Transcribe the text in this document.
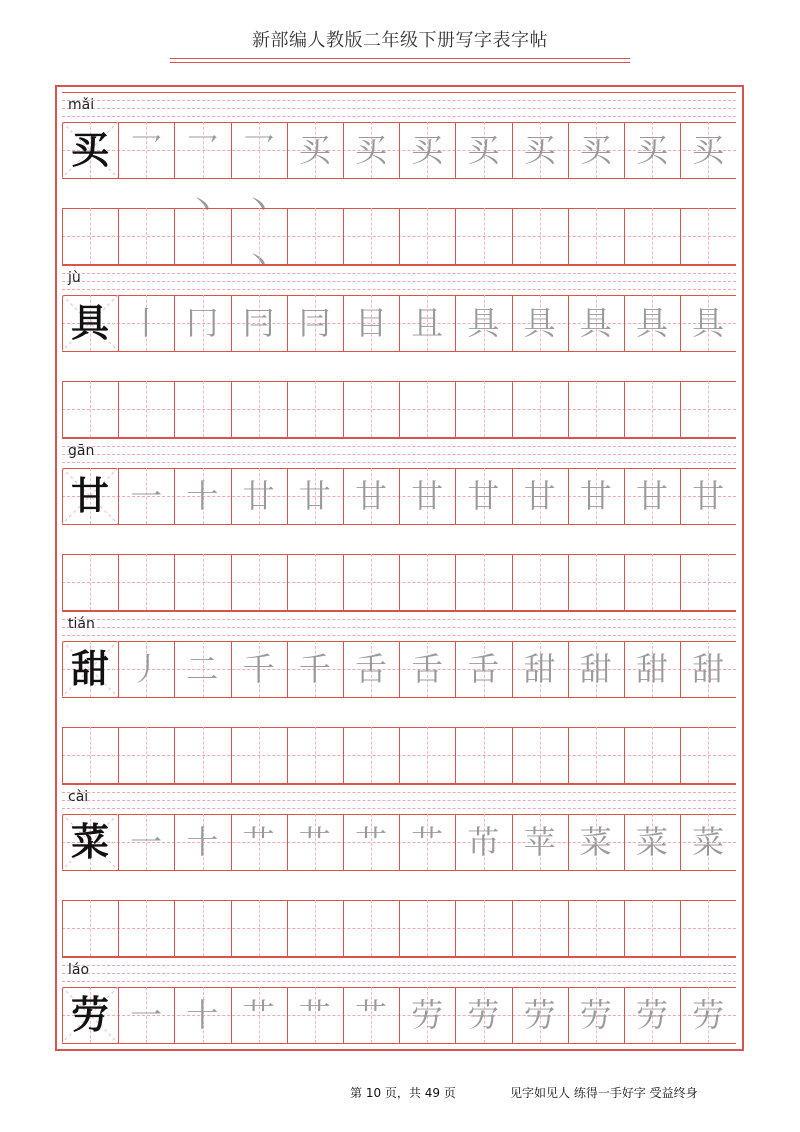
新部编人教版二年级下册写字表字帖
mǎi
买 乛 乛丶
乛丶丶
买 买 买 买 买 买 买 买
jù
具 丨 冂 冃 冃 目 且 具 具 具 具 具
gān
甘 一 十 廿 廿 甘 甘 甘 甘 甘 甘 甘
tián
甜 丿 二 千 千 舌 舌 舌 甜 甜 甜 甜
cài
菜 一 十 艹 艹 艹 艹 芇 苹 菜 菜 菜
láo
劳 一 十 艹 艹 艹 劳 劳 劳 劳 劳 劳
第 10 页，共 49 页	见字如见人 练得一手好字 受益终身
